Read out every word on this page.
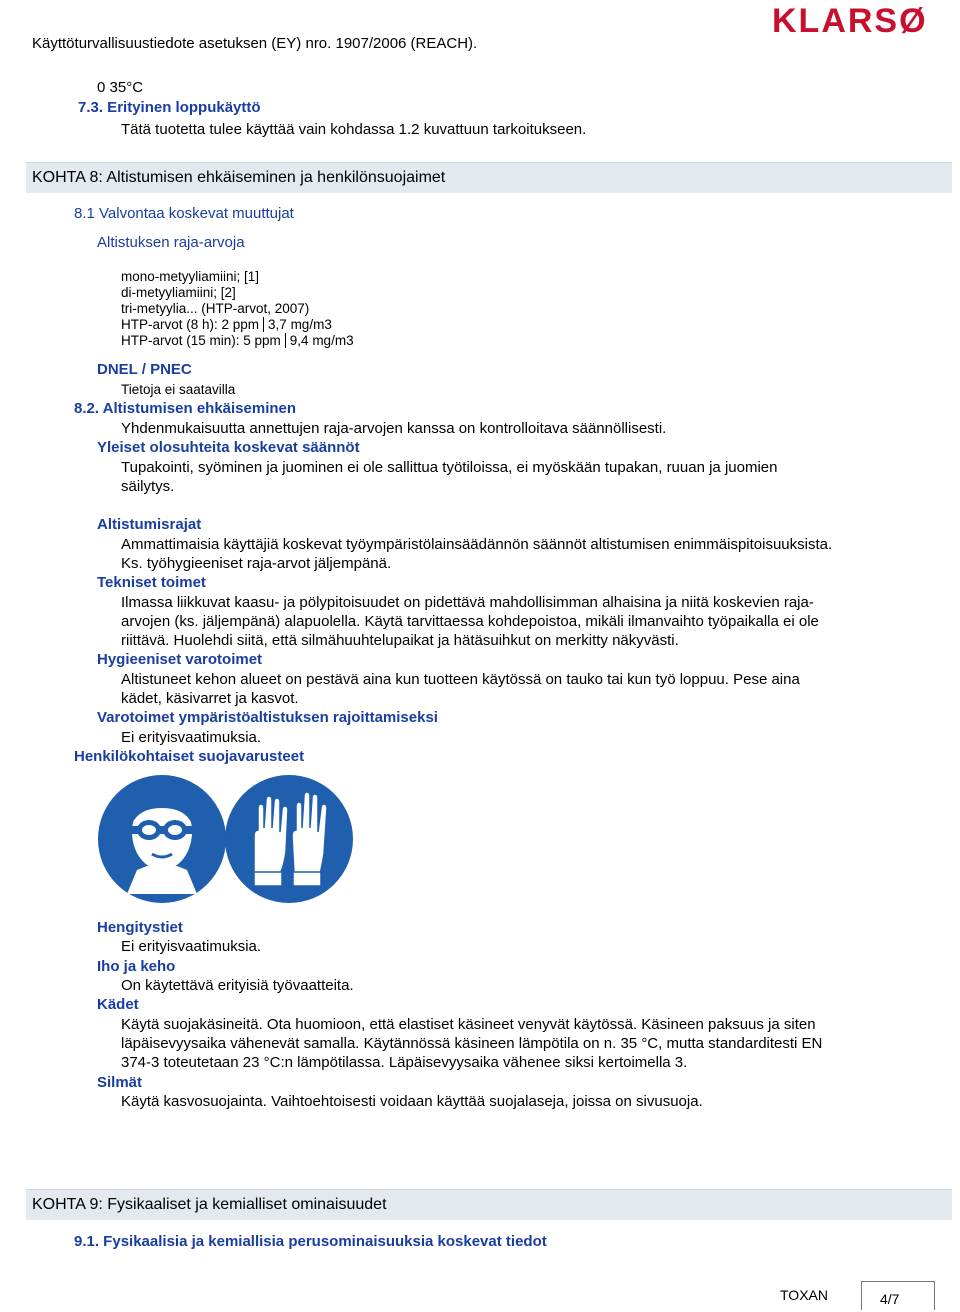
Käyttöturvallisuustiedote asetuksen (EY) nro. 1907/2006 (REACH).
KLARSØ
0 35°C
7.3. Erityinen loppukäyttö
Tätä tuotetta tulee käyttää vain kohdassa 1.2 kuvattuun tarkoitukseen.
KOHTA 8: Altistumisen ehkäiseminen ja henkilönsuojaimet
8.1 Valvontaa koskevat muuttujat
Altistuksen raja-arvoja
mono-metyyliamiini; [1]
di-metyyliamiini; [2]
tri-metyylia... (HTP-arvot, 2007)
HTP-arvot (8 h): 2 ppm 3,7 mg/m3
HTP-arvot (15 min): 5 ppm 9,4 mg/m3
DNEL / PNEC
Tietoja ei saatavilla
8.2. Altistumisen ehkäiseminen
Yhdenmukaisuutta annettujen raja-arvojen kanssa on kontrolloitava säännöllisesti.
Yleiset olosuhteita koskevat säännöt
Tupakointi, syöminen ja juominen ei ole sallittua työtiloissa, ei myöskään tupakan, ruuan ja juomien
säilytys.
Altistumisrajat
Ammattimaisia käyttäjiä koskevat työympäristölainsäädännön säännöt altistumisen enimmäispitoisuuksista.
Ks. työhygieeniset raja-arvot jäljempänä.
Tekniset toimet
Ilmassa liikkuvat kaasu- ja pölypitoisuudet on pidettävä mahdollisimman alhaisina ja niitä koskevien raja-
arvojen (ks. jäljempänä) alapuolella. Käytä tarvittaessa kohdepoistoa, mikäli ilmanvaihto työpaikalla ei ole
riittävä. Huolehdi siitä, että silmähuuhtelupaikat ja hätäsuihkut on merkitty näkyvästi.
Hygieeniset varotoimet
Altistuneet kehon alueet on pestävä aina kun tuotteen käytössä on tauko tai kun työ loppuu. Pese aina
kädet, käsivarret ja kasvot.
Varotoimet ympäristöaltistuksen rajoittamiseksi
Ei erityisvaatimuksia.
Henkilökohtaiset suojavarusteet
Hengitystiet
Ei erityisvaatimuksia.
Iho ja keho
On käytettävä erityisiä työvaatteita.
Kädet
Käytä suojakäsineitä. Ota huomioon, että elastiset käsineet venyvät käytössä. Käsineen paksuus ja siten
läpäisevyysaika vähenevät samalla. Käytännössä käsineen lämpötila on n. 35 °C, mutta standarditesti EN
374-3 toteutetaan 23 °C:n lämpötilassa. Läpäisevyysaika vähenee siksi kertoimella 3.
Silmät
Käytä kasvosuojainta. Vaihtoehtoisesti voidaan käyttää suojalaseja, joissa on sivusuoja.
KOHTA 9: Fysikaaliset ja kemialliset ominaisuudet
9.1. Fysikaalisia ja kemiallisia perusominaisuuksia koskevat tiedot
TOXAN	4/7
